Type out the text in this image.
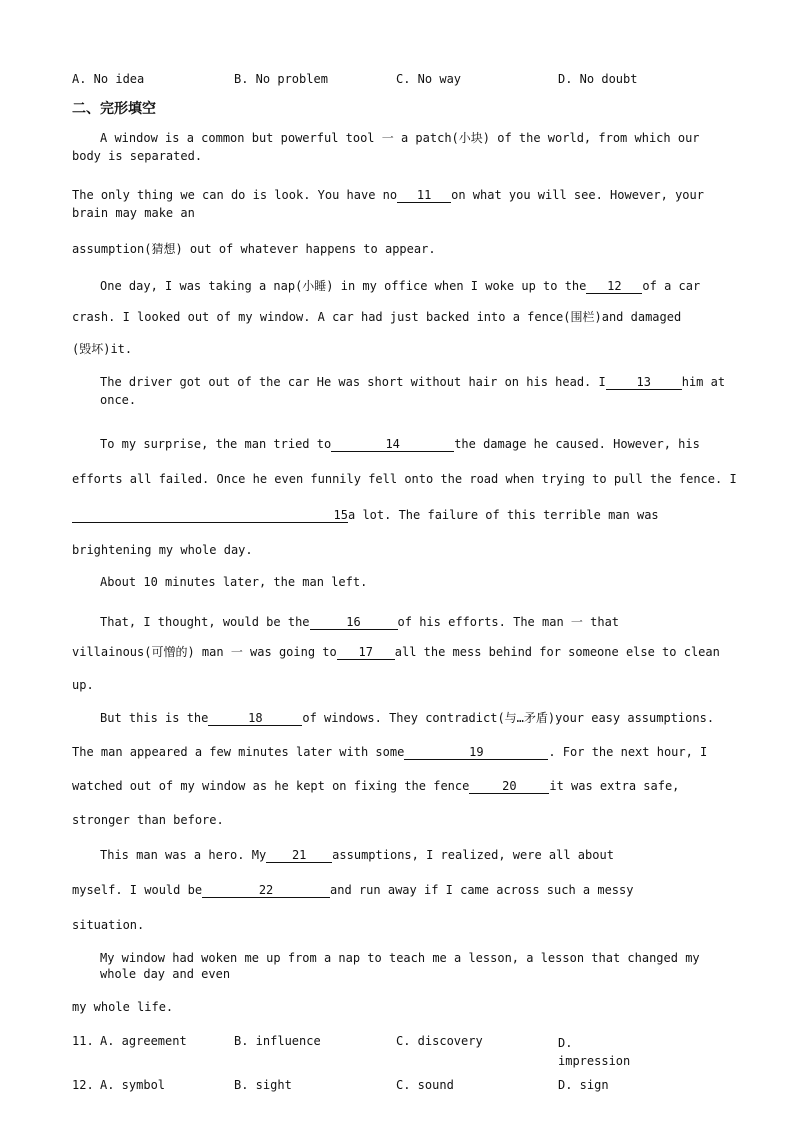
A. No idea	B. No problem	C. No way	D. No doubt
二、完形填空
A window is a common but powerful tool 一 a patch(小块) of the world, from which our body is separated.
The only thing we can do is look. You have no 11 on what you will see. However, your brain may make an
assumption(猜想) out of whatever happens to appear.
One day, I was taking a nap(小睡) in my office when I woke up to the 12 of a car
crash. I looked out of my window. A car had just backed into a fence(围栏)and damaged
(毁坏)it.
The driver got out of the car He was short without hair on his head. I	13	him at once.
To my surprise, the man tried to	14	the damage he caused. However, his
efforts all failed. Once he even funnily fell onto the road when trying to pull the fence. I
15a lot. The failure of this terrible man was
brightening my whole day.
About 10 minutes later, the man left.
That, I thought, would be the	16	of his efforts. The man 一 that
villainous(可憎的) man 一 was going to 17 all the mess behind for someone else to clean
up.
But this is the	18	of windows. They contradict(与…矛盾)your easy assumptions.
The man appeared a few minutes later with some	19	. For the next hour, I
watched out of my window as he kept on fixing the fence	20	it was extra safe,
stronger than before.
This man was a hero. My 21 assumptions, I realized, were all about
myself. I would be	22	and run away if I came across such a messy
situation.
My window had woken me up from a nap to teach me a lesson, a lesson that changed my whole day and even
my whole life.
11. A. agreement	B. influence	C. discovery	D. impression
12. A. symbol	B. sight	C. sound	D. sign
